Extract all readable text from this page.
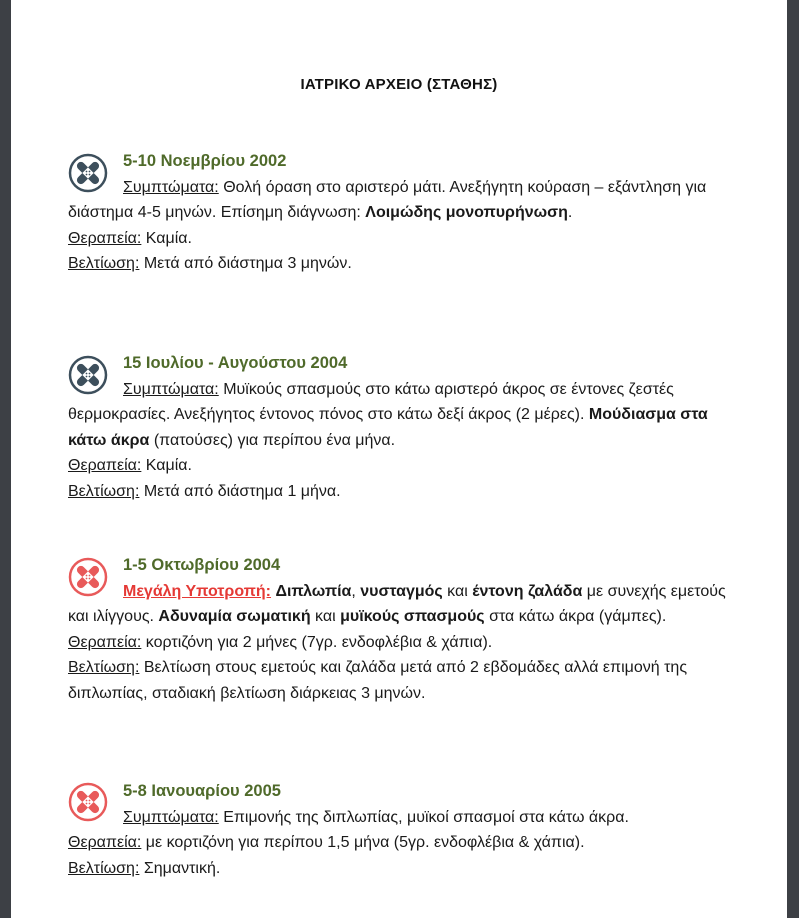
ΙΑΤΡΙΚΟ ΑΡΧΕΙΟ (ΣΤΑΘΗΣ)
5-10 Νοεμβρίου 2002
Συμπτώματα: Θολή όραση στο αριστερό μάτι. Ανεξήγητη κούραση – εξάντληση για διάστημα 4-5 μηνών. Επίσημη διάγνωση: Λοιμώδης μονοπυρήνωση.
Θεραπεία: Καμία.
Βελτίωση: Μετά από διάστημα 3 μηνών.
15 Ιουλίου - Αυγούστου 2004
Συμπτώματα: Μυϊκούς σπασμούς στο κάτω αριστερό άκρος σε έντονες ζεστές θερμοκρασίες. Ανεξήγητος έντονος πόνος στο κάτω δεξί άκρος (2 μέρες). Μούδιασμα στα κάτω άκρα (πατούσες) για περίπου ένα μήνα.
Θεραπεία: Καμία.
Βελτίωση: Μετά από διάστημα 1 μήνα.
1-5 Οκτωβρίου 2004
Μεγάλη Υποτροπή: Διπλωπία, νυσταγμός και έντονη ζαλάδα με συνεχής εμετούς και ιλίγγους. Αδυναμία σωματική και μυϊκούς σπασμούς στα κάτω άκρα (γάμπες).
Θεραπεία: κορτιζόνη για 2 μήνες (7γρ. ενδοφλέβια & χάπια).
Βελτίωση: Βελτίωση στους εμετούς και ζαλάδα μετά από 2 εβδομάδες αλλά επιμονή της διπλωπίας, σταδιακή βελτίωση διάρκειας 3 μηνών.
5-8 Ιανουαρίου 2005
Συμπτώματα: Επιμονής της διπλωπίας, μυϊκοί σπασμοί στα κάτω άκρα.
Θεραπεία: με κορτιζόνη για περίπου 1,5 μήνα (5γρ. ενδοφλέβια & χάπια).
Βελτίωση: Σημαντική.
